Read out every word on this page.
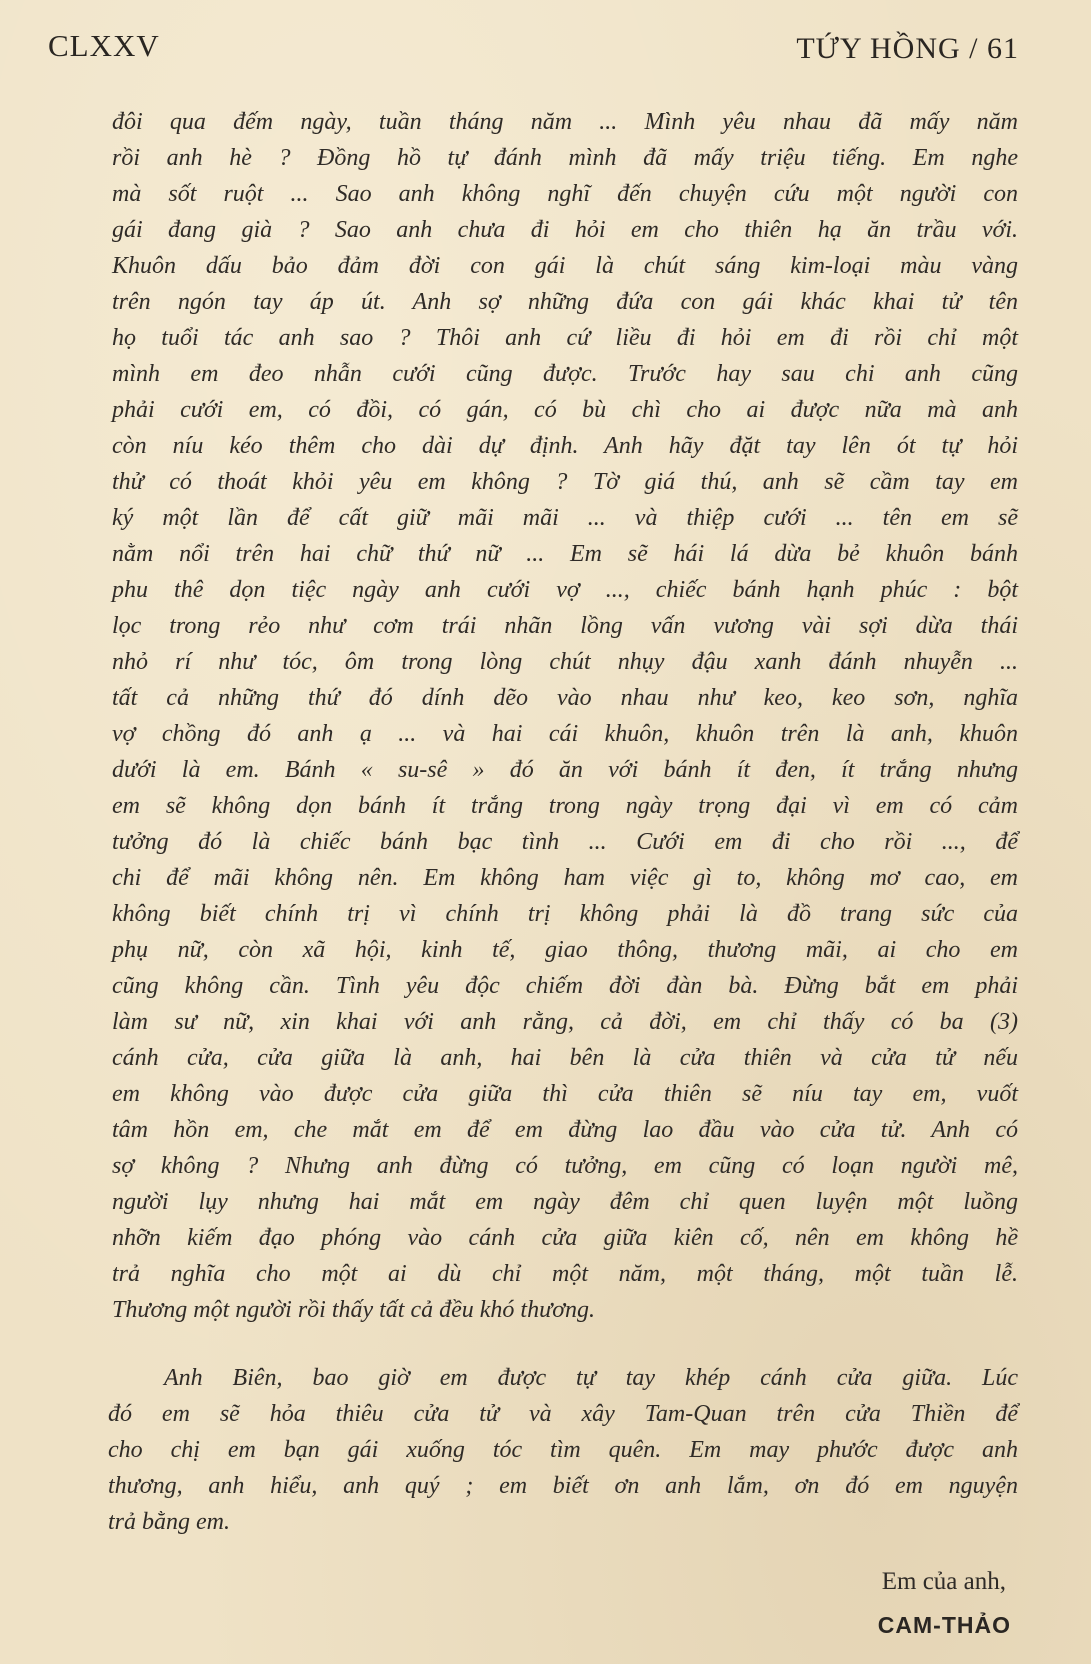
CLXXV	TỨY HỒNG / 61
đôi qua đếm ngày, tuần tháng năm ... Mình yêu nhau đã mấy năm
rồi anh hè ? Đồng hồ tự đánh mình đã mấy triệu tiếng. Em nghe
mà sốt ruột ... Sao anh không nghĩ đến chuyện cứu một người con
gái đang già ? Sao anh chưa đi hỏi em cho thiên hạ ăn trầu với.
Khuôn dấu bảo đảm đời con gái là chút sáng kim-loại màu vàng
trên ngón tay áp út. Anh sợ những đứa con gái khác khai tử tên
họ tuổi tác anh sao ? Thôi anh cứ liều đi hỏi em đi rồi chỉ một
mình em đeo nhẫn cưới cũng được. Trước hay sau chi anh cũng
phải cưới em, có đồi, có gán, có bù chì cho ai được nữa mà anh
còn níu kéo thêm cho dài dự định. Anh hãy đặt tay lên ót tự hỏi
thử có thoát khỏi yêu em không ? Tờ giá thú, anh sẽ cầm tay em
ký một lần để cất giữ mãi mãi ... và thiệp cưới ... tên em sẽ
nằm nổi trên hai chữ thứ nữ ... Em sẽ hái lá dừa bẻ khuôn bánh
phu thê dọn tiệc ngày anh cưới vợ ..., chiếc bánh hạnh phúc : bột
lọc trong rẻo như cơm trái nhãn lồng vấn vương vài sợi dừa thái
nhỏ rí như tóc, ôm trong lòng chút nhụy đậu xanh đánh nhuyễn ...
tất cả những thứ đó dính dẽo vào nhau như keo, keo sơn, nghĩa
vợ chồng đó anh ạ ... và hai cái khuôn, khuôn trên là anh, khuôn
dưới là em. Bánh « su-sê » đó ăn với bánh ít đen, ít trắng nhưng
em sẽ không dọn bánh ít trắng trong ngày trọng đại vì em có cảm
tưởng đó là chiếc bánh bạc tình ... Cưới em đi cho rồi ..., để
chi để mãi không nên. Em không ham việc gì to, không mơ cao, em
không biết chính trị vì chính trị không phải là đồ trang sức của
phụ nữ, còn xã hội, kinh tế, giao thông, thương mãi, ai cho em
cũng không cần. Tình yêu độc chiếm đời đàn bà. Đừng bắt em phải
làm sư nữ, xin khai với anh rằng, cả đời, em chỉ thấy có ba (3)
cánh cửa, cửa giữa là anh, hai bên là cửa thiên và cửa tử nếu
em không vào được cửa giữa thì cửa thiên sẽ níu tay em, vuốt
tâm hồn em, che mắt em để em đừng lao đầu vào cửa tử. Anh có
sợ không ? Nhưng anh đừng có tưởng, em cũng có loạn người mê,
người lụy nhưng hai mắt em ngày đêm chỉ quen luyện một luồng
nhỡn kiếm đạo phóng vào cánh cửa giữa kiên cố, nên em không hề
trả nghĩa cho một ai dù chỉ một năm, một tháng, một tuần lễ.
Thương một người rồi thấy tất cả đều khó thương.
Anh Biên, bao giờ em được tự tay khép cánh cửa giữa. Lúc
đó em sẽ hỏa thiêu cửa tử và xây Tam-Quan trên cửa Thiền để
cho chị em bạn gái xuống tóc tìm quên. Em may phước được anh
thương, anh hiểu, anh quý ; em biết ơn anh lắm, ơn đó em nguyện
trả bằng em.
Em của anh,
CAM-THẢO
